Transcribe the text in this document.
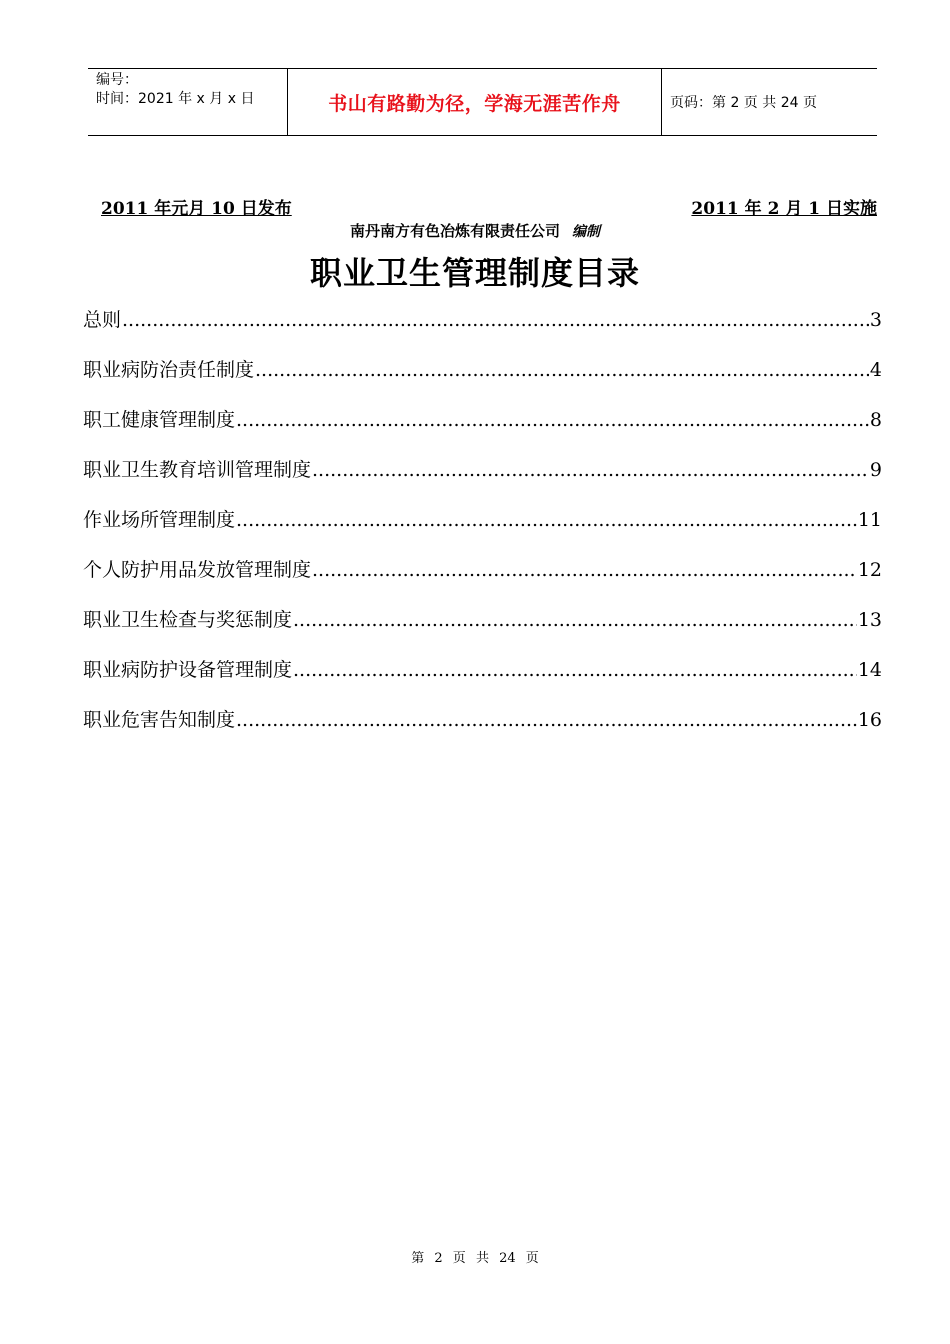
编号：
时间：2021 年 x 月 x 日	书山有路勤为径，学海无涯苦作舟	页码：第 2 页 共 24 页
2011 年元月 10 日发布	2011 年 2 月 1 日实施
南丹南方有色冶炼有限责任公司 编制
职业卫生管理制度目录
总则 .....	3
职业病防治责任制度 .....	4
职工健康管理制度 .....	8
职业卫生教育培训管理制度 .....	9
作业场所管理制度 .....	11
个人防护用品发放管理制度 .....	12
职业卫生检查与奖惩制度 .....	13
职业病防护设备管理制度 .....	14
职业危害告知制度 .....	16
第 2 页 共 24 页
